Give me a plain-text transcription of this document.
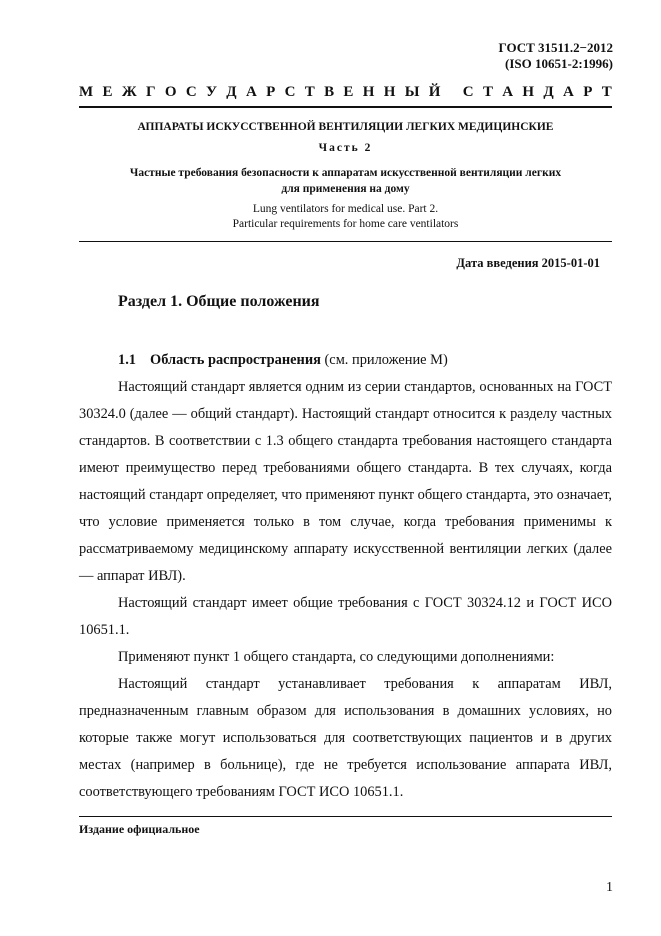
ГОСТ 31511.2−2012
(ISO 10651-2:1996)
М Е Ж Г О С У Д А Р С Т В Е Н Н Ы Й
С Т А Н Д А Р Т
АППАРАТЫ ИСКУССТВЕННОЙ ВЕНТИЛЯЦИИ ЛЕГКИХ МЕДИЦИНСКИЕ
Часть 2
Частные требования безопасности к аппаратам искусственной вентиляции легких
для применения на дому
Lung ventilators for medical use. Part 2.
Particular requirements for home care ventilators
Дата введения 2015-01-01
Раздел 1. Общие положения

1.1 Область распространения (см. приложение М)

Настоящий стандарт является одним из серии стандартов, основанных на ГОСТ 30324.0 (далее — общий стандарт). Настоящий стандарт относится к разделу частных стандартов. В соответствии с 1.3 общего стандарта требования настоящего стандарта имеют преимущество перед требованиями общего стандарта. В тех случаях, когда настоящий стандарт определяет, что применяют пункт общего стандарта, это означает, что условие применяется только в том случае, когда требования применимы к рассматриваемому медицинскому аппарату искусственной вентиляции легких (далее — аппарат ИВЛ).

Настоящий стандарт имеет общие требования с ГОСТ 30324.12 и ГОСТ ИСО 10651.1.

Применяют пункт 1 общего стандарта, со следующими дополнениями:

Настоящий стандарт устанавливает требования к аппаратам ИВЛ, предназначенным главным образом для использования в домашних условиях, но которые также могут использоваться для соответствующих пациентов и в других местах (например в больнице), где не требуется использование аппарата ИВЛ, соответствующего требованиям ГОСТ ИСО 10651.1.

Издание официальное
1
